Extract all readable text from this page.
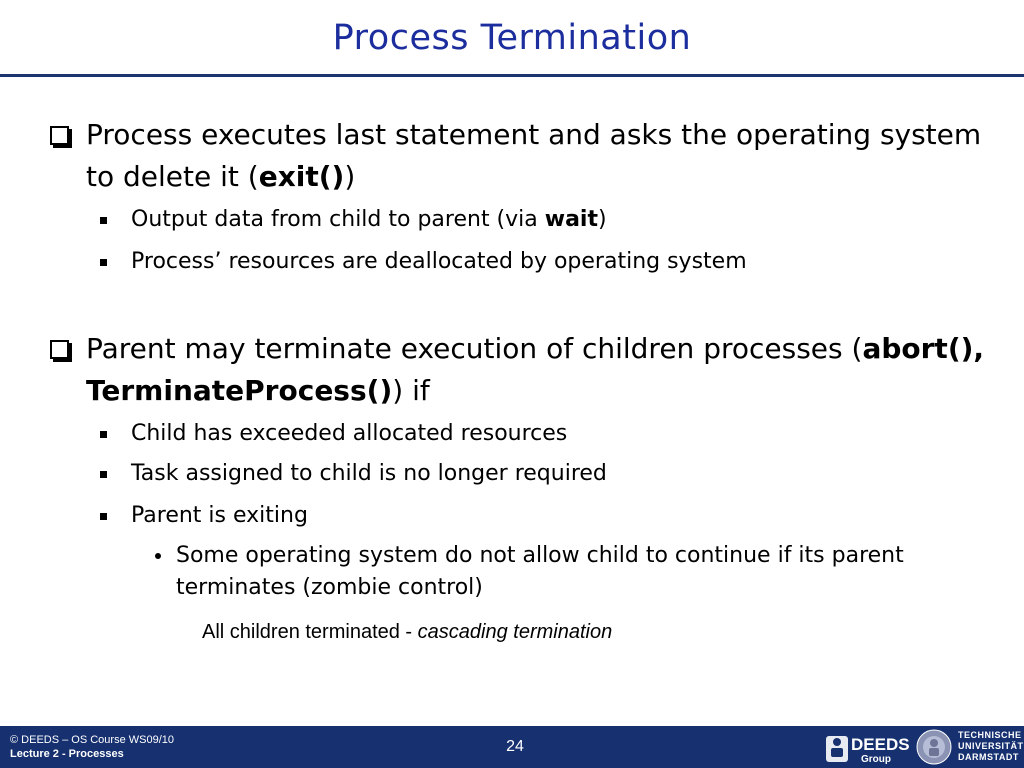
Process Termination
Process executes last statement and asks the operating system to delete it (exit())
Output data from child to parent (via wait)
Process’ resources are deallocated by operating system
Parent may terminate execution of children processes (abort(), TerminateProcess()) if
Child has exceeded allocated resources
Task assigned to child is no longer required
Parent is exiting
Some operating system do not allow child to continue if its parent terminates (zombie control)
All children terminated - cascading termination
© DEEDS – OS Course WS09/10
Lecture 2 - Processes	24	DEEDS
Group
TECHNISCHE
UNIVERSITÄT
DARMSTADT
